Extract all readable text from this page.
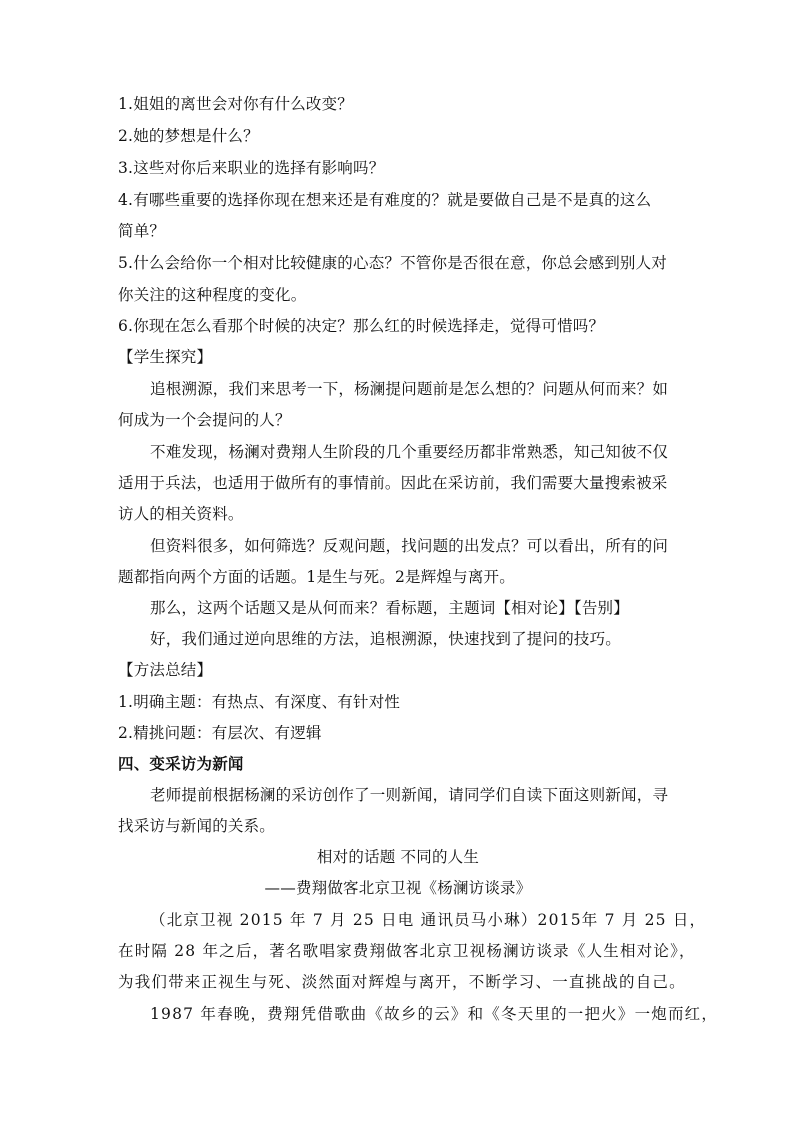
1.姐姐的离世会对你有什么改变？
2.她的梦想是什么？
3.这些对你后来职业的选择有影响吗？
4.有哪些重要的选择你现在想来还是有难度的？就是要做自己是不是真的这么
简单？
5.什么会给你一个相对比较健康的心态？不管你是否很在意，你总会感到别人对
你关注的这种程度的变化。
6.你现在怎么看那个时候的决定？那么红的时候选择走，觉得可惜吗？
【学生探究】
追根溯源，我们来思考一下，杨澜提问题前是怎么想的？问题从何而来？如
何成为一个会提问的人？
不难发现，杨澜对费翔人生阶段的几个重要经历都非常熟悉，知己知彼不仅
适用于兵法，也适用于做所有的事情前。因此在采访前，我们需要大量搜索被采
访人的相关资料。
但资料很多，如何筛选？反观问题，找问题的出发点？可以看出，所有的问
题都指向两个方面的话题。1是生与死。2是辉煌与离开。
那么，这两个话题又是从何而来？看标题，主题词【相对论】【告别】
好，我们通过逆向思维的方法，追根溯源，快速找到了提问的技巧。
【方法总结】
1.明确主题：有热点、有深度、有针对性
2.精挑问题：有层次、有逻辑
四、变采访为新闻
老师提前根据杨澜的采访创作了一则新闻，请同学们自读下面这则新闻，寻
找采访与新闻的关系。
相对的话题 不同的人生
——费翔做客北京卫视《杨澜访谈录》
（北京卫视 2015 年 7 月 25 日电 通讯员马小琳）2015年 7 月 25 日，
在时隔 28 年之后，著名歌唱家费翔做客北京卫视杨澜访谈录《人生相对论》，
为我们带来正视生与死、淡然面对辉煌与离开，不断学习、一直挑战的自己。
1987 年春晚，费翔凭借歌曲《故乡的云》和《冬天里的一把火》一炮而红，
